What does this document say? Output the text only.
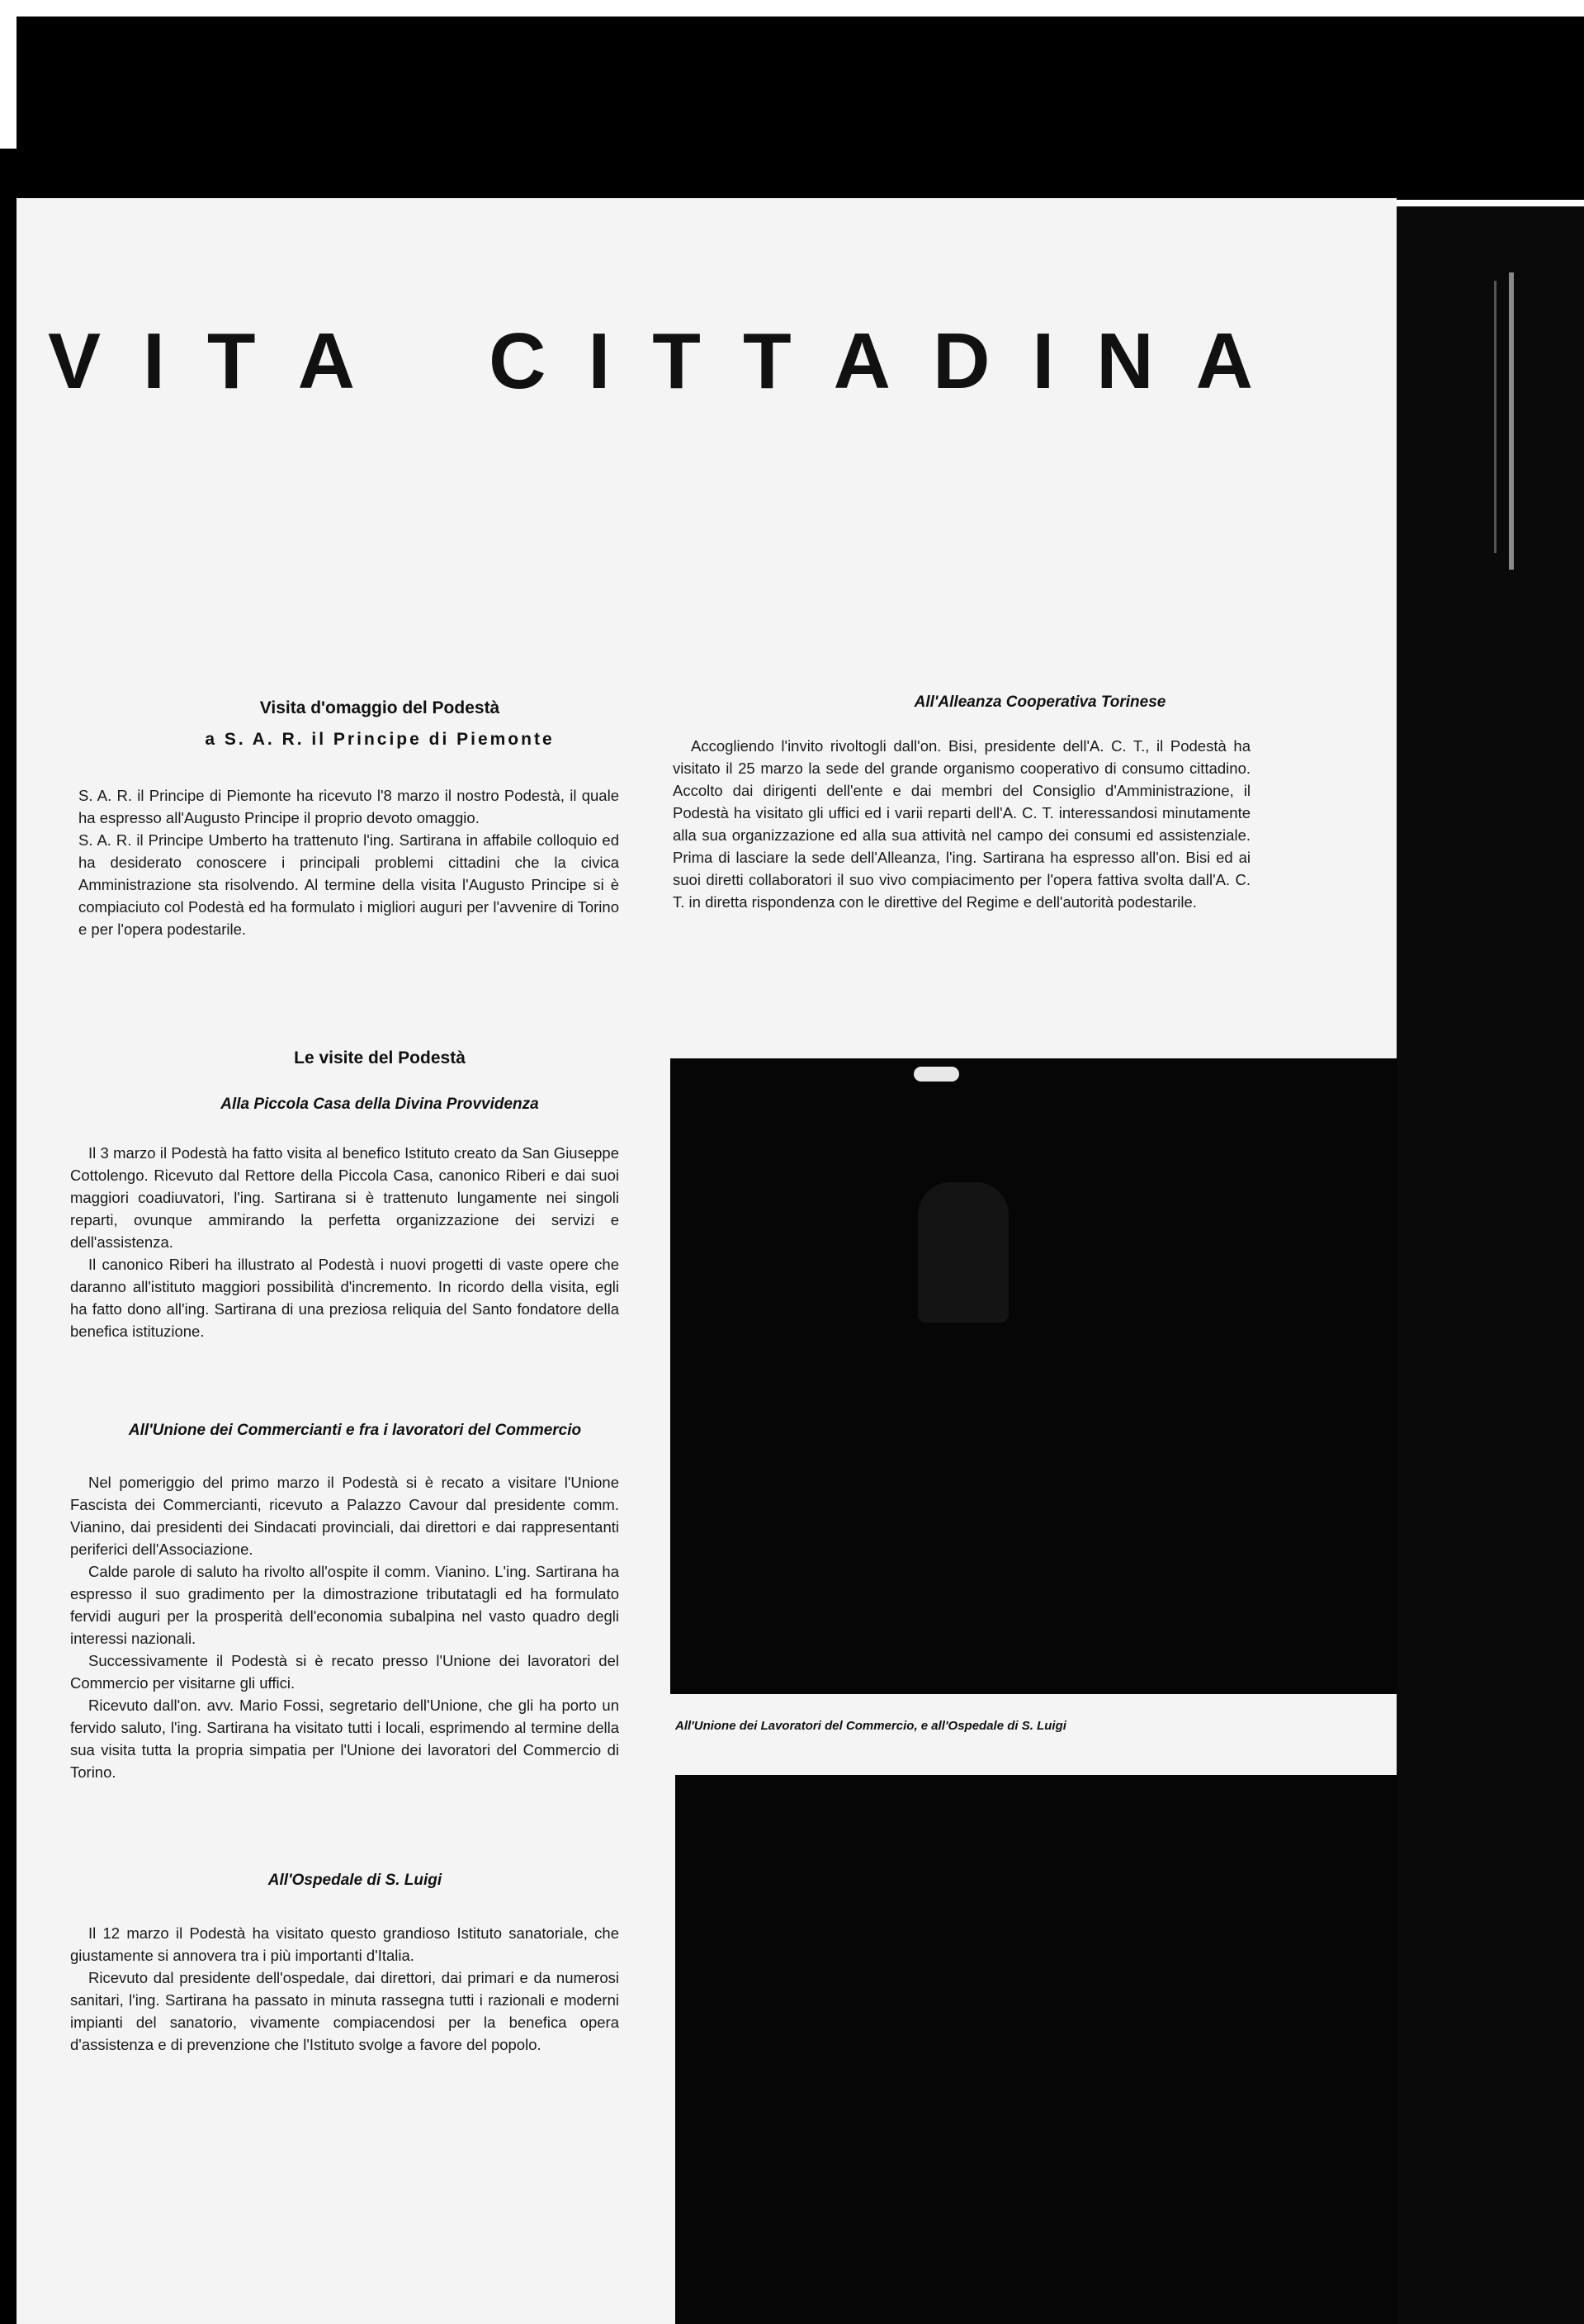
V I T A C I T T A D I N A
Visita d'omaggio del Podestà
a S. A. R. il Principe di Piemonte

S. A. R. il Principe di Piemonte ha ricevuto l'8 marzo il nostro Podestà, il quale ha espresso all'Augusto Principe il proprio devoto omaggio.

S. A. R. il Principe Umberto ha trattenuto l'ing. Sartirana in affabile colloquio ed ha desiderato conoscere i principali problemi cittadini che la civica Amministrazione sta risolvendo. Al termine della visita l'Augusto Principe si è compiaciuto col Podestà ed ha formulato i migliori auguri per l'avvenire di Torino e per l'opera podestarile.

All'Alleanza Cooperativa Torinese

Accogliendo l'invito rivoltogli dall'on. Bisi, presidente dell'A. C. T., il Podestà ha visitato il 25 marzo la sede del grande organismo cooperativo di consumo cittadino. Accolto dai dirigenti dell'ente e dai membri del Consiglio d'Amministrazione, il Podestà ha visitato gli uffici ed i varii reparti dell'A. C. T. interessandosi minutamente alla sua organizzazione ed alla sua attività nel campo dei consumi ed assistenziale. Prima di lasciare la sede dell'Alleanza, l'ing. Sartirana ha espresso all'on. Bisi ed ai suoi diretti collaboratori il suo vivo compiacimento per l'opera fattiva svolta dall'A. C. T. in diretta rispondenza con le direttive del Regime e dell'autorità podestarile.

Le visite del Podestà
Alla Piccola Casa della Divina Provvidenza

Il 3 marzo il Podestà ha fatto visita al benefico Istituto creato da San Giuseppe Cottolengo. Ricevuto dal Rettore della Piccola Casa, canonico Riberi e dai suoi maggiori coadiuvatori, l'ing. Sartirana si è trattenuto lungamente nei singoli reparti, ovunque ammirando la perfetta organizzazione dei servizi e dell'assistenza.

Il canonico Riberi ha illustrato al Podestà i nuovi progetti di vaste opere che daranno all'istituto maggiori possibilità d'incremento. In ricordo della visita, egli ha fatto dono all'ing. Sartirana di una preziosa reliquia del Santo fondatore della benefica istituzione.

All'Unione dei Commercianti e fra i lavoratori del Commercio

Nel pomeriggio del primo marzo il Podestà si è recato a visitare l'Unione Fascista dei Commercianti, ricevuto a Palazzo Cavour dal presidente comm. Vianino, dai presidenti dei Sindacati provinciali, dai direttori e dai rappresentanti periferici dell'Associazione.

Calde parole di saluto ha rivolto all'ospite il comm. Vianino. L'ing. Sartirana ha espresso il suo gradimento per la dimostrazione tributatagli ed ha formulato fervidi auguri per la prosperità dell'economia subalpina nel vasto quadro degli interessi nazionali.

Successivamente il Podestà si è recato presso l'Unione dei lavoratori del Commercio per visitarne gli uffici.

Ricevuto dall'on. avv. Mario Fossi, segretario dell'Unione, che gli ha porto un fervido saluto, l'ing. Sartirana ha visitato tutti i locali, esprimendo al termine della sua visita tutta la propria simpatia per l'Unione dei lavoratori del Commercio di Torino.

All'Ospedale di S. Luigi

Il 12 marzo il Podestà ha visitato questo grandioso Istituto sanatoriale, che giustamente si annovera tra i più importanti d'Italia.

Ricevuto dal presidente dell'ospedale, dai direttori, dai primari e da numerosi sanitari, l'ing. Sartirana ha passato in minuta rassegna tutti i razionali e moderni impianti del sanatorio, vivamente compiacendosi per la benefica opera d'assistenza e di prevenzione che l'Istituto svolge a favore del popolo.

All'Unione dei Lavoratori del Commercio, e all'Ospedale di S. Luigi
